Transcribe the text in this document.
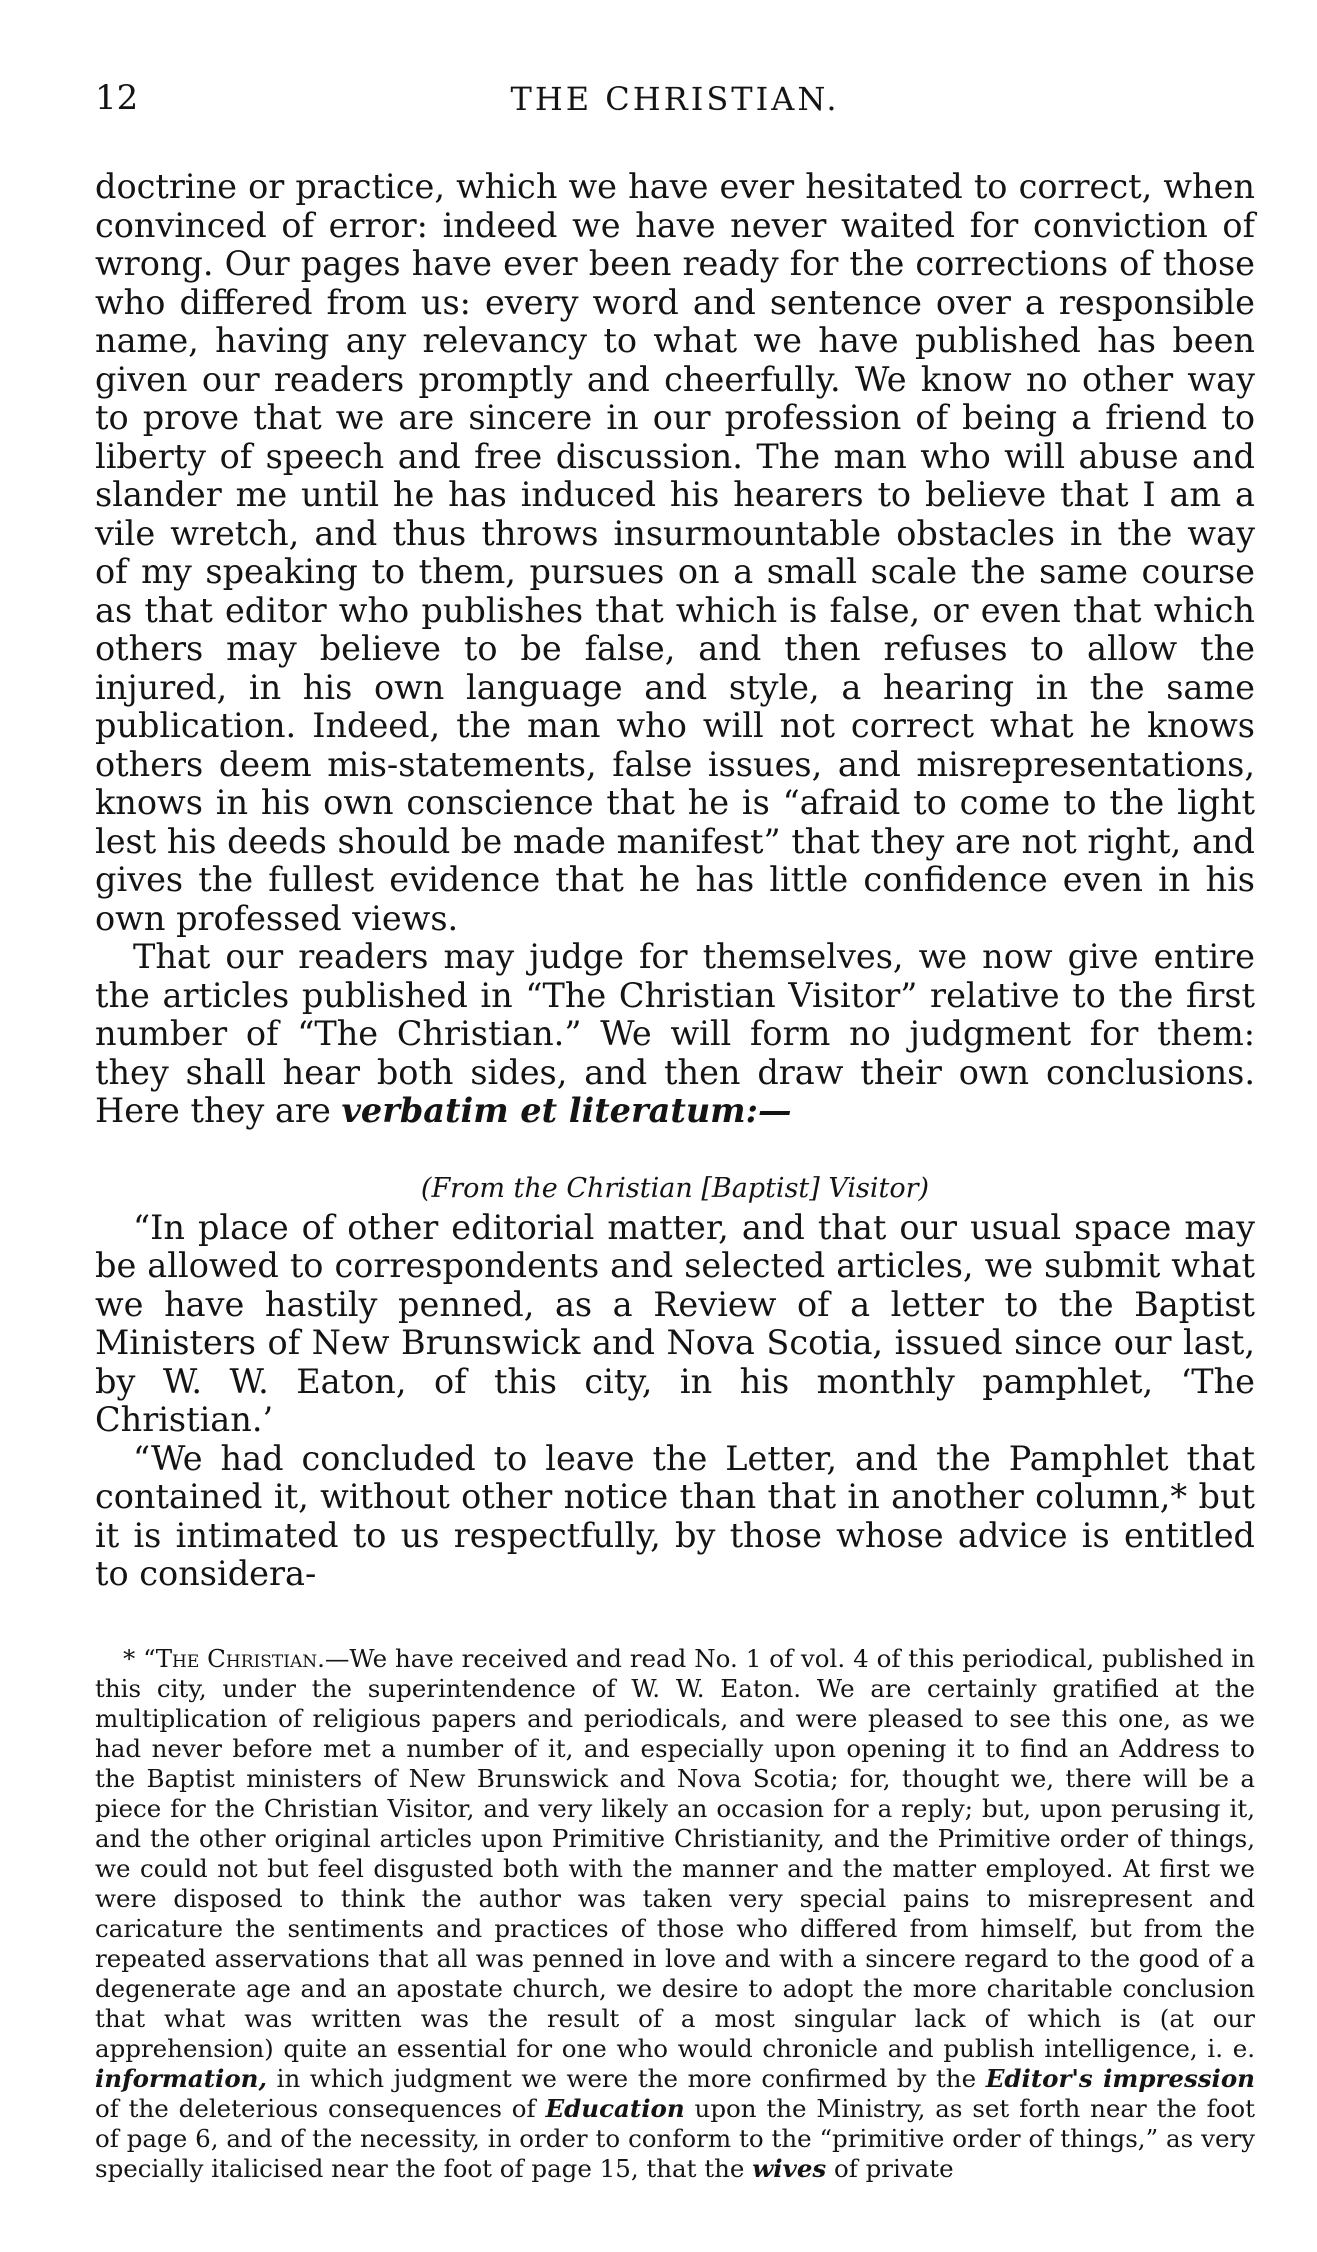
12	THE CHRISTIAN.

doctrine or practice, which we have ever hesitated to correct, when convinced of error: indeed we have never waited for conviction of wrong. Our pages have ever been ready for the corrections of those who differed from us: every word and sentence over a responsible name, having any relevancy to what we have published has been given our readers promptly and cheerfully. We know no other way to prove that we are sincere in our profession of being a friend to liberty of speech and free discussion. The man who will abuse and slander me until he has induced his hearers to believe that I am a vile wretch, and thus throws insurmountable obstacles in the way of my speaking to them, pursues on a small scale the same course as that editor who publishes that which is false, or even that which others may believe to be false, and then refuses to allow the injured, in his own language and style, a hearing in the same publication. Indeed, the man who will not correct what he knows others deem mis-statements, false issues, and misrepresentations, knows in his own conscience that he is “afraid to come to the light lest his deeds should be made manifest” that they are not right, and gives the fullest evidence that he has little confidence even in his own professed views.

That our readers may judge for themselves, we now give entire the articles published in “The Christian Visitor” relative to the first number of “The Christian.” We will form no judgment for them: they shall hear both sides, and then draw their own conclusions. Here they are verbatim et literatum:—

(From the Christian [Baptist] Visitor)

“In place of other editorial matter, and that our usual space may be allowed to correspondents and selected articles, we submit what we have hastily penned, as a Review of a letter to the Baptist Ministers of New Brunswick and Nova Scotia, issued since our last, by W. W. Eaton, of this city, in his monthly pamphlet, ‘The Christian.’

“We had concluded to leave the Letter, and the Pamphlet that contained it, without other notice than that in another column,* but it is intimated to us respectfully, by those whose advice is entitled to considera-

* “The Christian.—We have received and read No. 1 of vol. 4 of this periodical, published in this city, under the superintendence of W. W. Eaton. We are certainly gratified at the multiplication of religious papers and periodicals, and were pleased to see this one, as we had never before met a number of it, and especially upon opening it to find an Address to the Baptist ministers of New Brunswick and Nova Scotia; for, thought we, there will be a piece for the Christian Visitor, and very likely an occasion for a reply; but, upon perusing it, and the other original articles upon Primitive Christianity, and the Primitive order of things, we could not but feel disgusted both with the manner and the matter employed. At first we were disposed to think the author was taken very special pains to misrepresent and caricature the sentiments and practices of those who differed from himself, but from the repeated asservations that all was penned in love and with a sincere regard to the good of a degenerate age and an apostate church, we desire to adopt the more charitable conclusion that what was written was the result of a most singular lack of which is (at our apprehension) quite an essential for one who would chronicle and publish intelligence, i. e. information, in which judgment we were the more confirmed by the Editor's impression of the deleterious consequences of Education upon the Ministry, as set forth near the foot of page 6, and of the necessity, in order to conform to the “primitive order of things,” as very specially italicised near the foot of page 15, that the wives of private
